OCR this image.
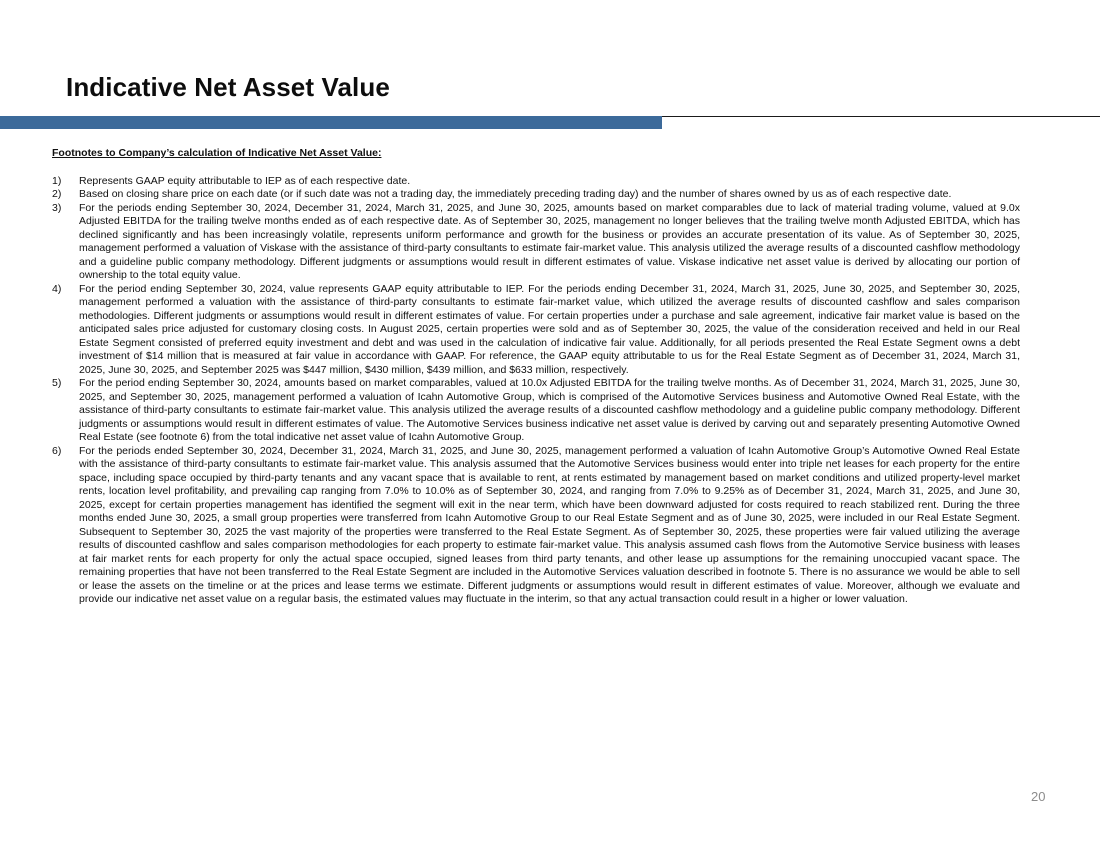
Indicative Net Asset Value
Footnotes to Company’s calculation of Indicative Net Asset Value:
1)	Represents GAAP equity attributable to IEP as of each respective date.
2)	Based on closing share price on each date (or if such date was not a trading day, the immediately preceding trading day) and the number of shares owned by us as of each respective date.
3)	For the periods ending September 30, 2024, December 31, 2024, March 31, 2025, and June 30, 2025, amounts based on market comparables due to lack of material trading volume, valued at 9.0x Adjusted EBITDA for the trailing twelve months ended as of each respective date. As of September 30, 2025, management no longer believes that the trailing twelve month Adjusted EBITDA, which has declined significantly and has been increasingly volatile, represents uniform performance and growth for the business or provides an accurate presentation of its value. As of September 30, 2025, management performed a valuation of Viskase with the assistance of third-party consultants to estimate fair-market value. This analysis utilized the average results of a discounted cashflow methodology and a guideline public company methodology. Different judgments or assumptions would result in different estimates of value. Viskase indicative net asset value is derived by allocating our portion of ownership to the total equity value.
4)	For the period ending September 30, 2024, value represents GAAP equity attributable to IEP. For the periods ending December 31, 2024, March 31, 2025, June 30, 2025, and September 30, 2025, management performed a valuation with the assistance of third-party consultants to estimate fair-market value, which utilized the average results of discounted cashflow and sales comparison methodologies. Different judgments or assumptions would result in different estimates of value. For certain properties under a purchase and sale agreement, indicative fair market value is based on the anticipated sales price adjusted for customary closing costs. In August 2025, certain properties were sold and as of September 30, 2025, the value of the consideration received and held in our Real Estate Segment consisted of preferred equity investment and debt and was used in the calculation of indicative fair value. Additionally, for all periods presented the Real Estate Segment owns a debt investment of $14 million that is measured at fair value in accordance with GAAP. For reference, the GAAP equity attributable to us for the Real Estate Segment as of December 31, 2024, March 31, 2025, June 30, 2025, and September 2025 was $447 million, $430 million, $439 million, and $633 million, respectively.
5)	For the period ending September 30, 2024, amounts based on market comparables, valued at 10.0x Adjusted EBITDA for the trailing twelve months. As of December 31, 2024, March 31, 2025, June 30, 2025, and September 30, 2025, management performed a valuation of Icahn Automotive Group, which is comprised of the Automotive Services business and Automotive Owned Real Estate, with the assistance of third-party consultants to estimate fair-market value. This analysis utilized the average results of a discounted cashflow methodology and a guideline public company methodology. Different judgments or assumptions would result in different estimates of value. The Automotive Services business indicative net asset value is derived by carving out and separately presenting Automotive Owned Real Estate (see footnote 6) from the total indicative net asset value of Icahn Automotive Group.
6)	For the periods ended September 30, 2024, December 31, 2024, March 31, 2025, and June 30, 2025, management performed a valuation of Icahn Automotive Group’s Automotive Owned Real Estate with the assistance of third-party consultants to estimate fair-market value. This analysis assumed that the Automotive Services business would enter into triple net leases for each property for the entire space, including space occupied by third-party tenants and any vacant space that is available to rent, at rents estimated by management based on market conditions and utilized property-level market rents, location level profitability, and prevailing cap ranging from 7.0% to 10.0% as of September 30, 2024, and ranging from 7.0% to 9.25% as of December 31, 2024, March 31, 2025, and June 30, 2025, except for certain properties management has identified the segment will exit in the near term, which have been downward adjusted for costs required to reach stabilized rent. During the three months ended June 30, 2025, a small group properties were transferred from Icahn Automotive Group to our Real Estate Segment and as of June 30, 2025, were included in our Real Estate Segment. Subsequent to September 30, 2025 the vast majority of the properties were transferred to the Real Estate Segment. As of September 30, 2025, these properties were fair valued utilizing the average results of discounted cashflow and sales comparison methodologies for each property to estimate fair-market value. This analysis assumed cash flows from the Automotive Service business with leases at fair market rents for each property for only the actual space occupied, signed leases from third party tenants, and other lease up assumptions for the remaining unoccupied vacant space. The remaining properties that have not been transferred to the Real Estate Segment are included in the Automotive Services valuation described in footnote 5. There is no assurance we would be able to sell or lease the assets on the timeline or at the prices and lease terms we estimate. Different judgments or assumptions would result in different estimates of value. Moreover, although we evaluate and provide our indicative net asset value on a regular basis, the estimated values may fluctuate in the interim, so that any actual transaction could result in a higher or lower valuation.
20
